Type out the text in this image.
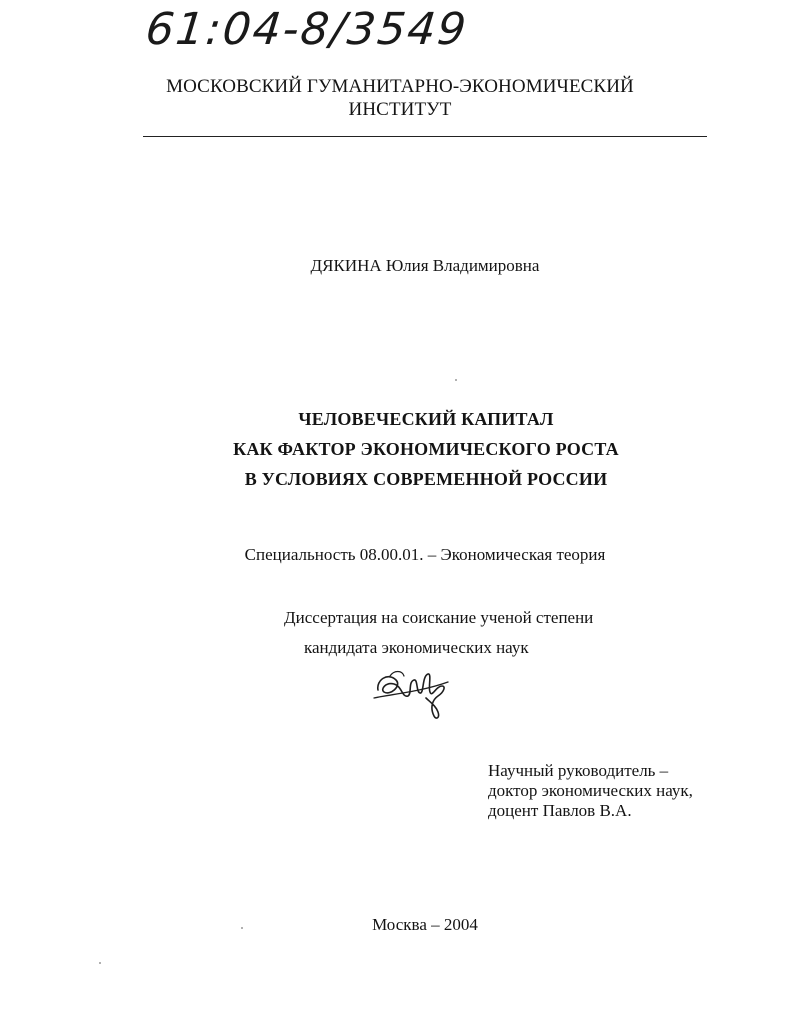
61:04-8/3549
МОСКОВСКИЙ ГУМАНИТАРНО-ЭКОНОМИЧЕСКИЙ
ИНСТИТУТ
ДЯКИНА Юлия Владимировна
ЧЕЛОВЕЧЕСКИЙ КАПИТАЛ
КАК ФАКТОР ЭКОНОМИЧЕСКОГО РОСТА
В УСЛОВИЯХ СОВРЕМЕННОЙ РОССИИ
Специальность 08.00.01. – Экономическая теория
Диссертация на соискание ученой степени
кандидата экономических наук
Научный руководитель –
доктор экономических наук,
доцент Павлов В.А.
Москва – 2004
